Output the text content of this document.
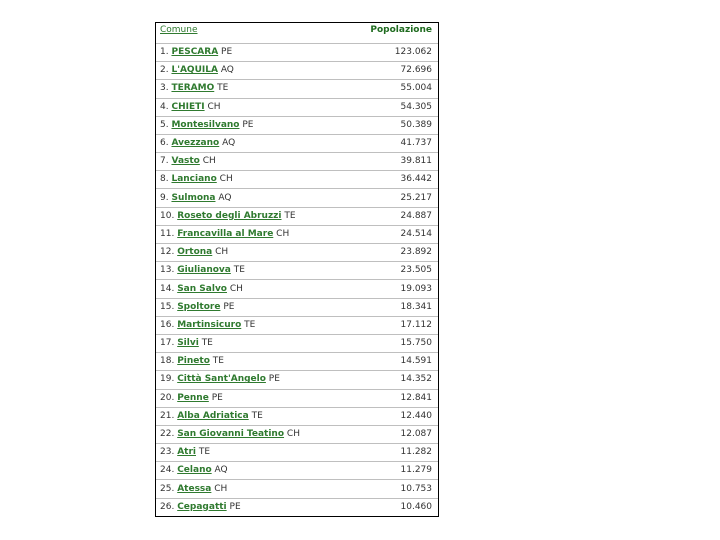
Comune	Popolazione
1. PESCARA PE	123.062
2. L'AQUILA AQ	72.696
3. TERAMO TE	55.004
4. CHIETI CH	54.305
5. Montesilvano PE	50.389
6. Avezzano AQ	41.737
7. Vasto CH	39.811
8. Lanciano CH	36.442
9. Sulmona AQ	25.217
10. Roseto degli Abruzzi TE	24.887
11. Francavilla al Mare CH	24.514
12. Ortona CH	23.892
13. Giulianova TE	23.505
14. San Salvo CH	19.093
15. Spoltore PE	18.341
16. Martinsicuro TE	17.112
17. Silvi TE	15.750
18. Pineto TE	14.591
19. Città Sant'Angelo PE	14.352
20. Penne PE	12.841
21. Alba Adriatica TE	12.440
22. San Giovanni Teatino CH	12.087
23. Atri TE	11.282
24. Celano AQ	11.279
25. Atessa CH	10.753
26. Cepagatti PE	10.460
